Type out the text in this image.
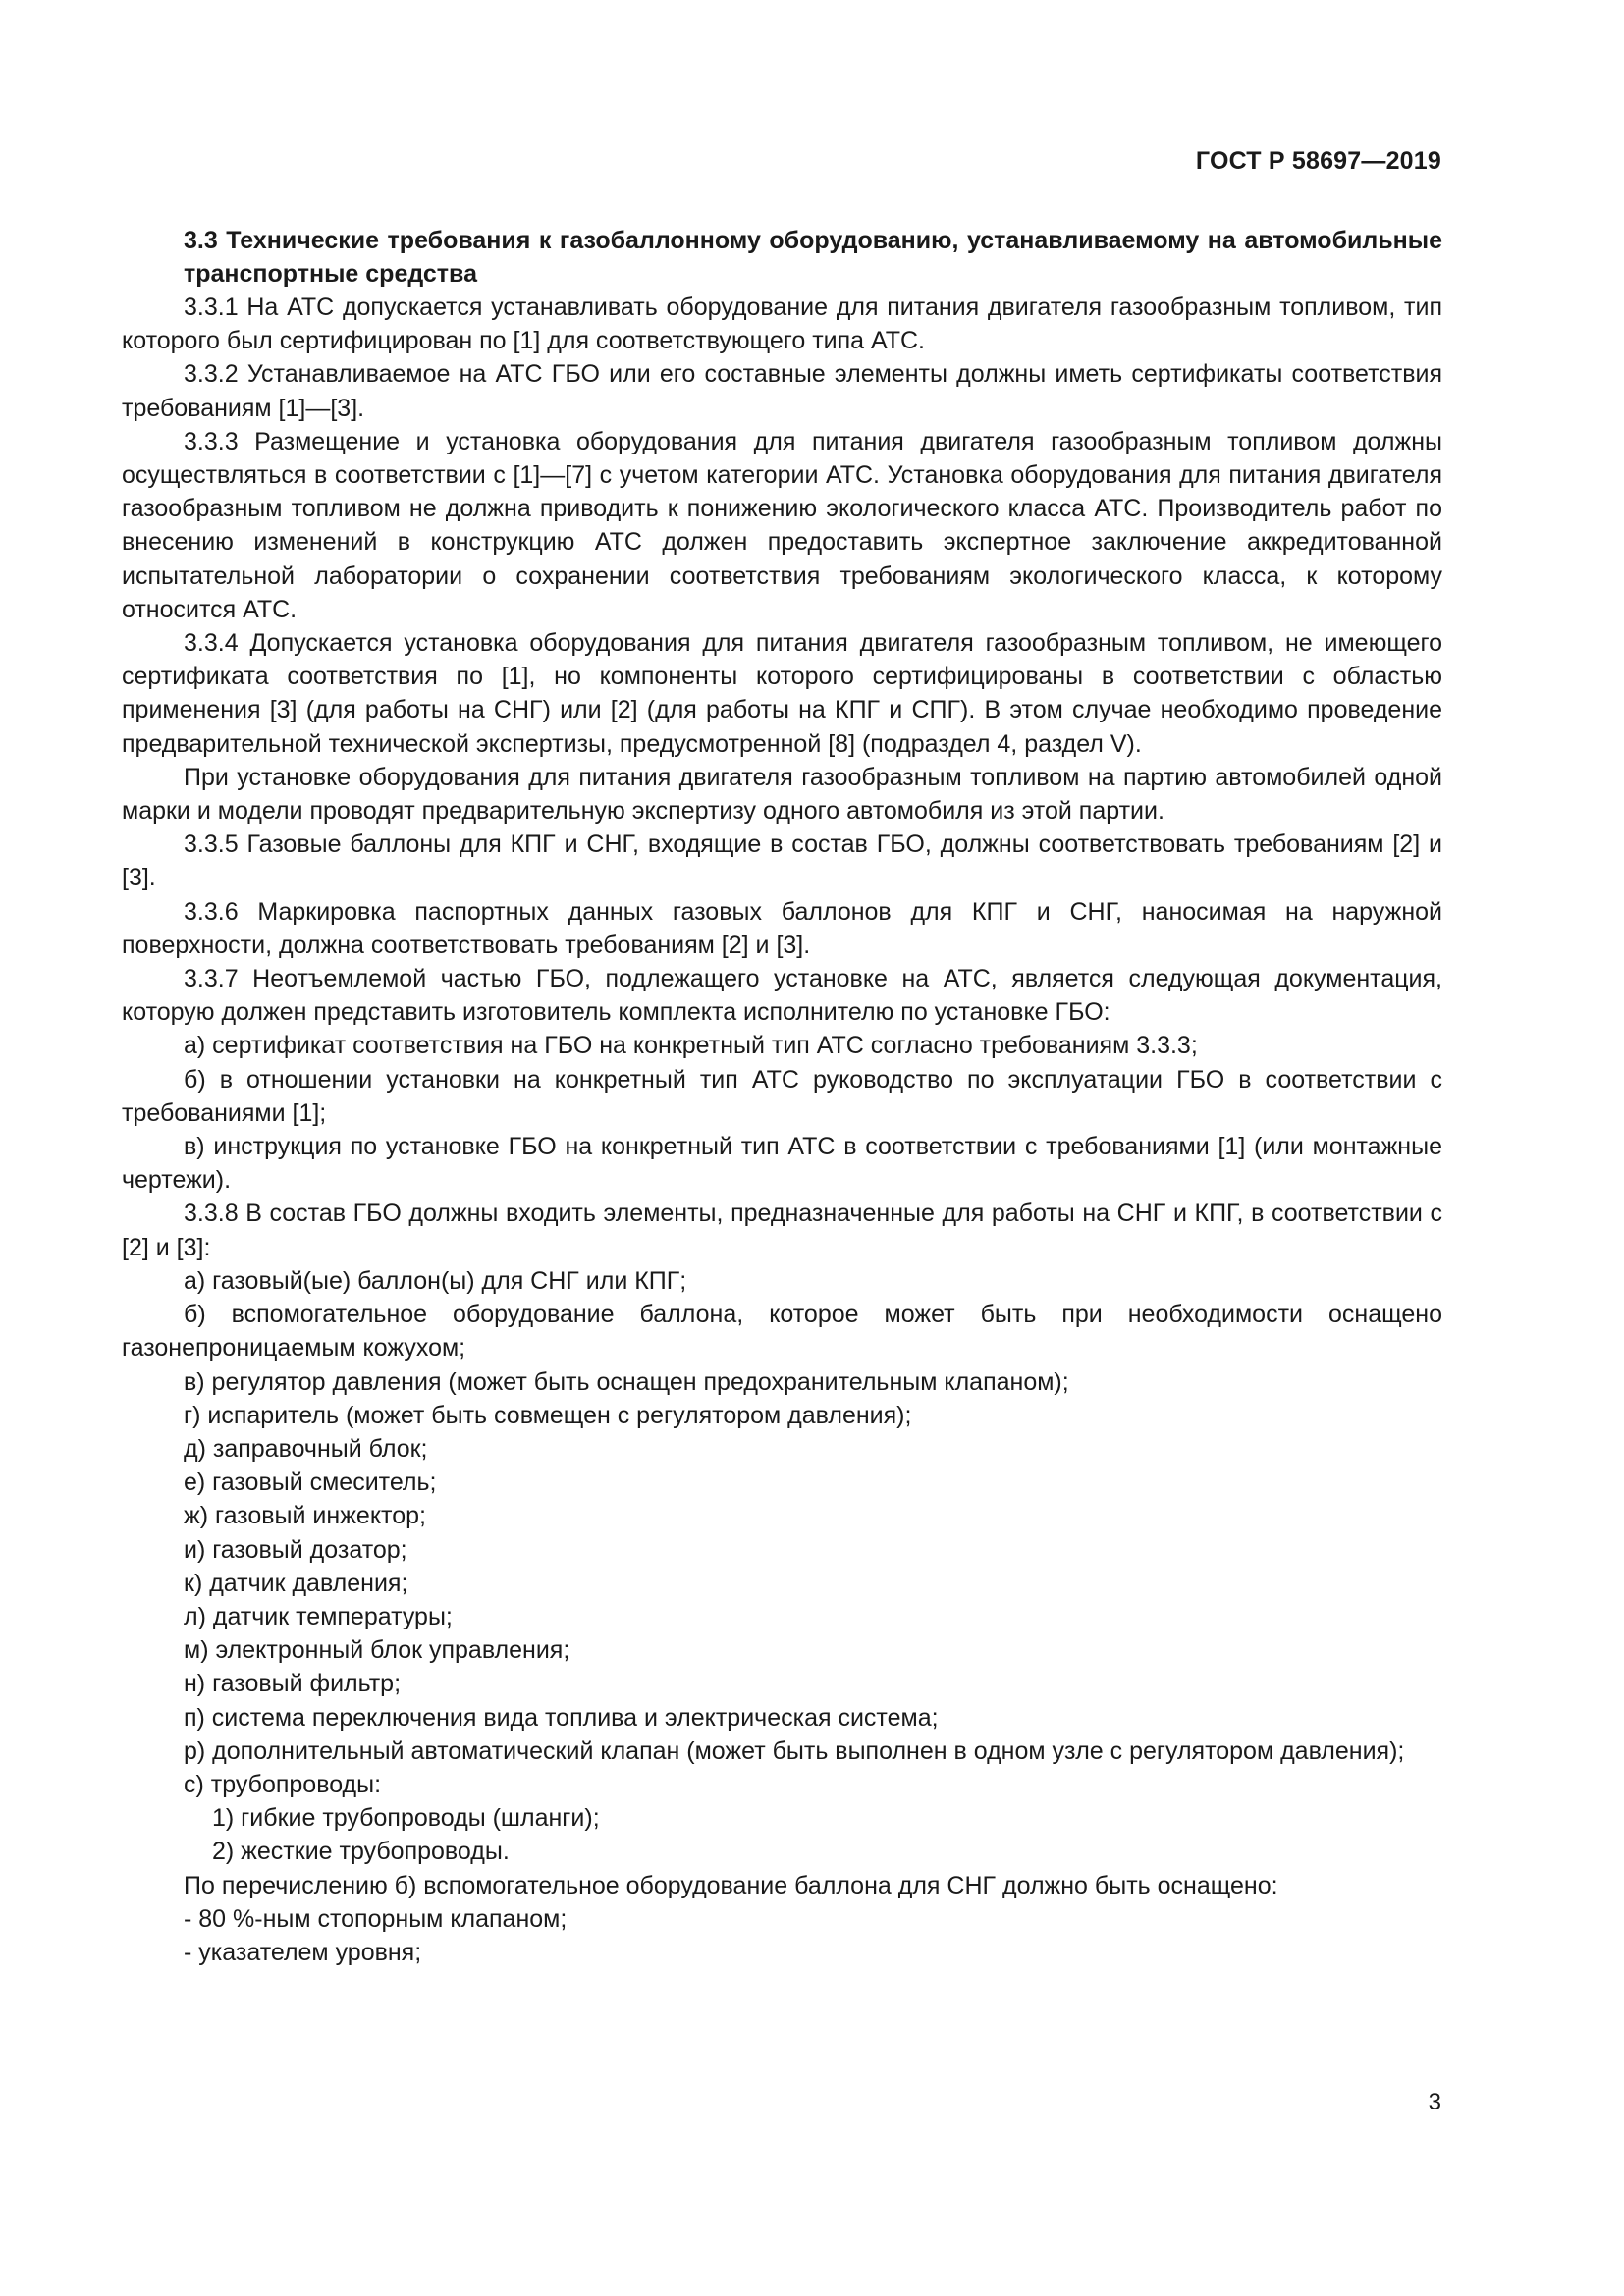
ГОСТ Р 58697—2019

3.3 Технические требования к газобаллонному оборудованию, устанавливаемому на автомобильные транспортные средства

3.3.1 На АТС допускается устанавливать оборудование для питания двигателя газообразным топливом, тип которого был сертифицирован по [1] для соответствующего типа АТС.

3.3.2 Устанавливаемое на АТС ГБО или его составные элементы должны иметь сертификаты соответствия требованиям [1]—[3].

3.3.3 Размещение и установка оборудования для питания двигателя газообразным топливом должны осуществляться в соответствии с [1]—[7] с учетом категории АТС. Установка оборудования для питания двигателя газообразным топливом не должна приводить к понижению экологического класса АТС. Производитель работ по внесению изменений в конструкцию АТС должен предоставить экспертное заключение аккредитованной испытательной лаборатории о сохранении соответствия требованиям экологического класса, к которому относится АТС.

3.3.4 Допускается установка оборудования для питания двигателя газообразным топливом, не имеющего сертификата соответствия по [1], но компоненты которого сертифицированы в соответствии с областью применения [3] (для работы на СНГ) или [2] (для работы на КПГ и СПГ). В этом случае необходимо проведение предварительной технической экспертизы, предусмотренной [8] (подраздел 4, раздел V).

При установке оборудования для питания двигателя газообразным топливом на партию автомобилей одной марки и модели проводят предварительную экспертизу одного автомобиля из этой партии.

3.3.5 Газовые баллоны для КПГ и СНГ, входящие в состав ГБО, должны соответствовать требованиям [2] и [3].

3.3.6 Маркировка паспортных данных газовых баллонов для КПГ и СНГ, наносимая на наружной поверхности, должна соответствовать требованиям [2] и [3].

3.3.7 Неотъемлемой частью ГБО, подлежащего установке на АТС, является следующая документация, которую должен представить изготовитель комплекта исполнителю по установке ГБО:

а) сертификат соответствия на ГБО на конкретный тип АТС согласно требованиям 3.3.3;

б) в отношении установки на конкретный тип АТС руководство по эксплуатации ГБО в соответствии с требованиями [1];

в) инструкция по установке ГБО на конкретный тип АТС в соответствии с требованиями [1] (или монтажные чертежи).

3.3.8 В состав ГБО должны входить элементы, предназначенные для работы на СНГ и КПГ, в соответствии с [2] и [3]:

а) газовый(ые) баллон(ы) для СНГ или КПГ;

б) вспомогательное оборудование баллона, которое может быть при необходимости оснащено газонепроницаемым кожухом;

в) регулятор давления (может быть оснащен предохранительным клапаном);

г) испаритель (может быть совмещен с регулятором давления);

д) заправочный блок;

е) газовый смеситель;

ж) газовый инжектор;

и) газовый дозатор;

к) датчик давления;

л) датчик температуры;

м) электронный блок управления;

н) газовый фильтр;

п) система переключения вида топлива и электрическая система;

р) дополнительный автоматический клапан (может быть выполнен в одном узле с регулятором давления);

с) трубопроводы:

1) гибкие трубопроводы (шланги);

2) жесткие трубопроводы.

По перечислению б) вспомогательное оборудование баллона для СНГ должно быть оснащено:

- 80 %-ным стопорным клапаном;

- указателем уровня;

3
